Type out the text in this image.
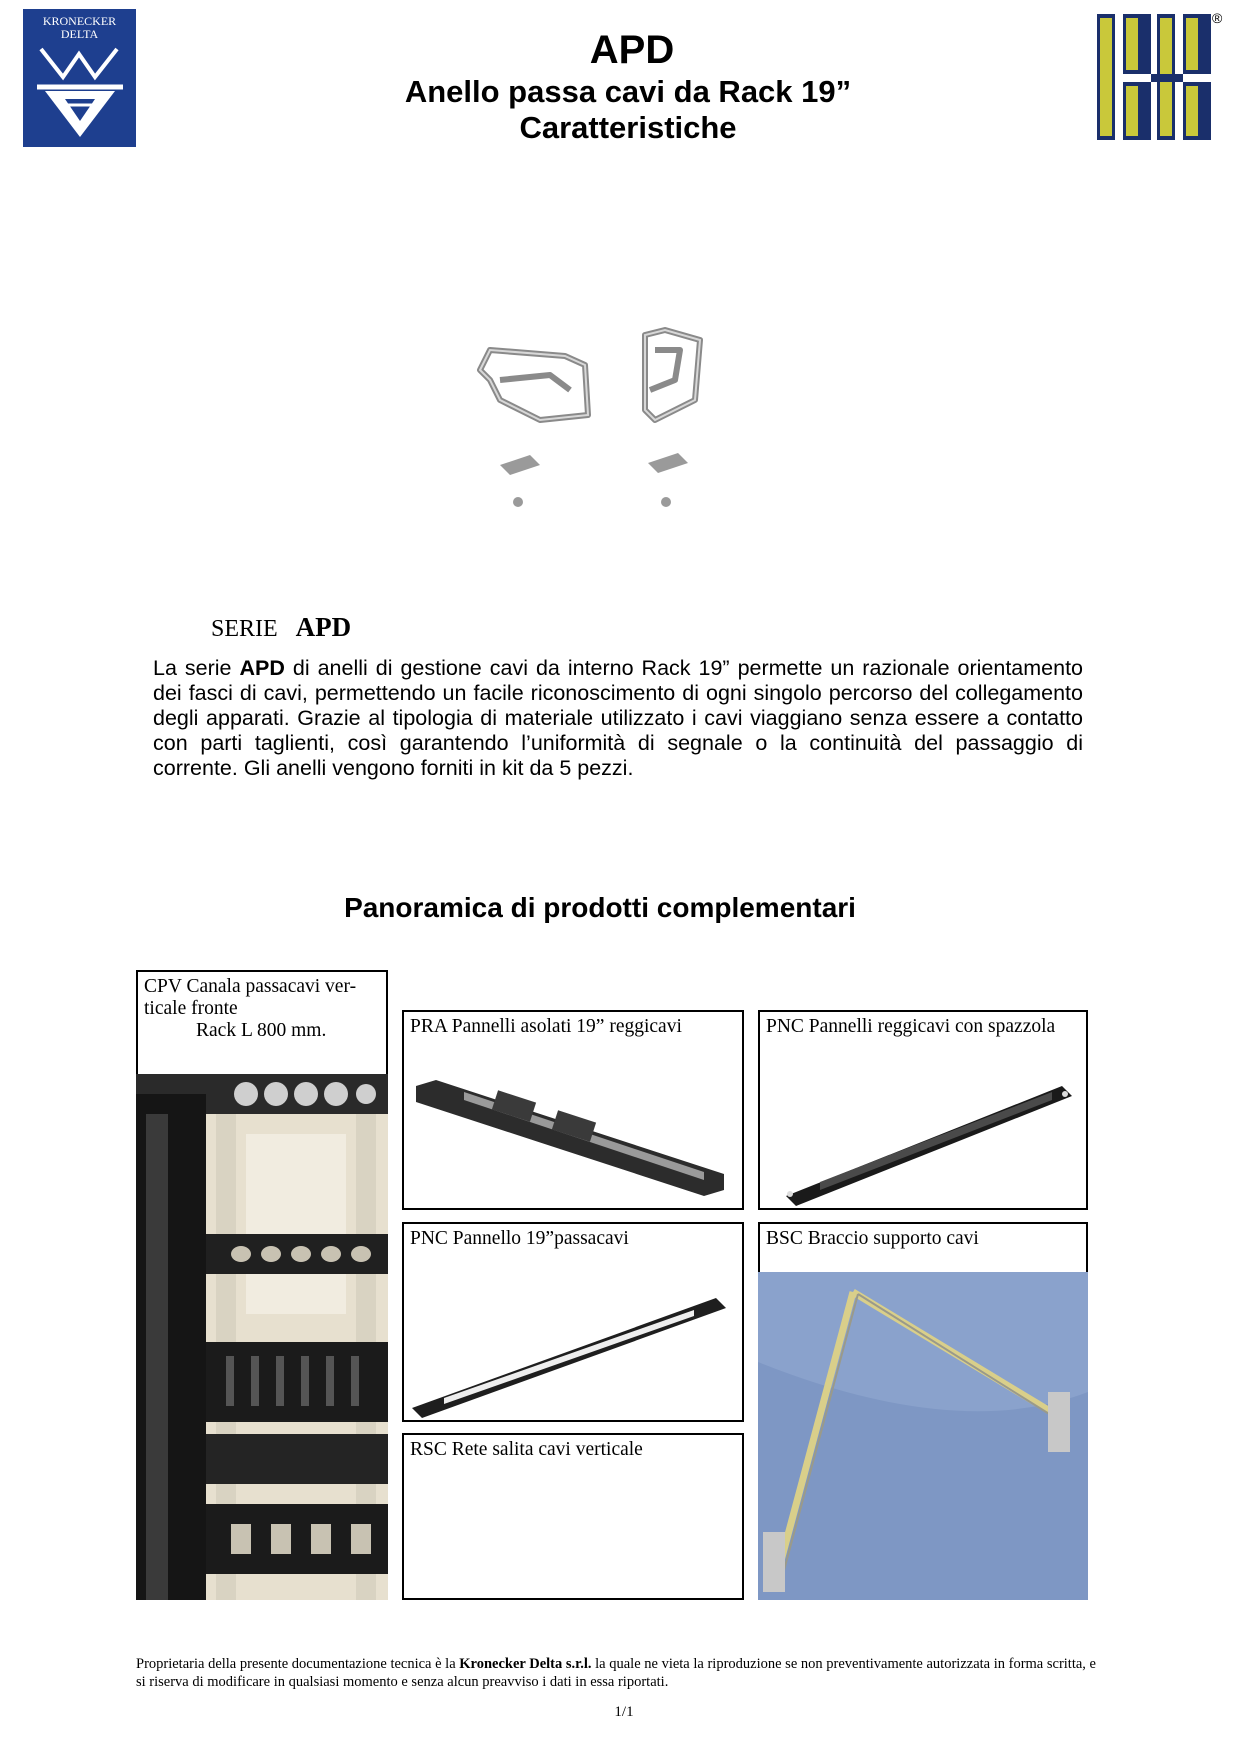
KRONECKER
DELTA	APD
Anello passa cavi da Rack 19”
Caratteristiche
®
SERIE APD
La serie APD di anelli di gestione cavi da interno Rack 19” permette un razionale orientamento dei fasci di cavi, permettendo un facile riconoscimento di ogni singolo percorso del collegamento degli apparati. Grazie al tipologia di materiale utilizzato i cavi viaggiano senza essere a contatto con parti taglienti, così garantendo l’uniformità di segnale o la continuità del passaggio di corrente. Gli anelli vengono forniti in kit da 5 pezzi.
Panoramica di prodotti complementari
CPV Canala passacavi ver-
ticale fronte
Rack L 800 mm.	PRA Pannelli asolati 19” reggicavi	PNC Pannelli reggicavi con spazzola
PNC Pannello 19”passacavi	BSC Braccio supporto cavi
RSC Rete salita cavi verticale
Proprietaria della presente documentazione tecnica è la Kronecker Delta s.r.l. la quale ne vieta la riproduzione se non preventivamente autorizzata in forma scritta, e si riserva di modificare in qualsiasi momento e senza alcun preavviso i dati in essa riportati.
1/1
